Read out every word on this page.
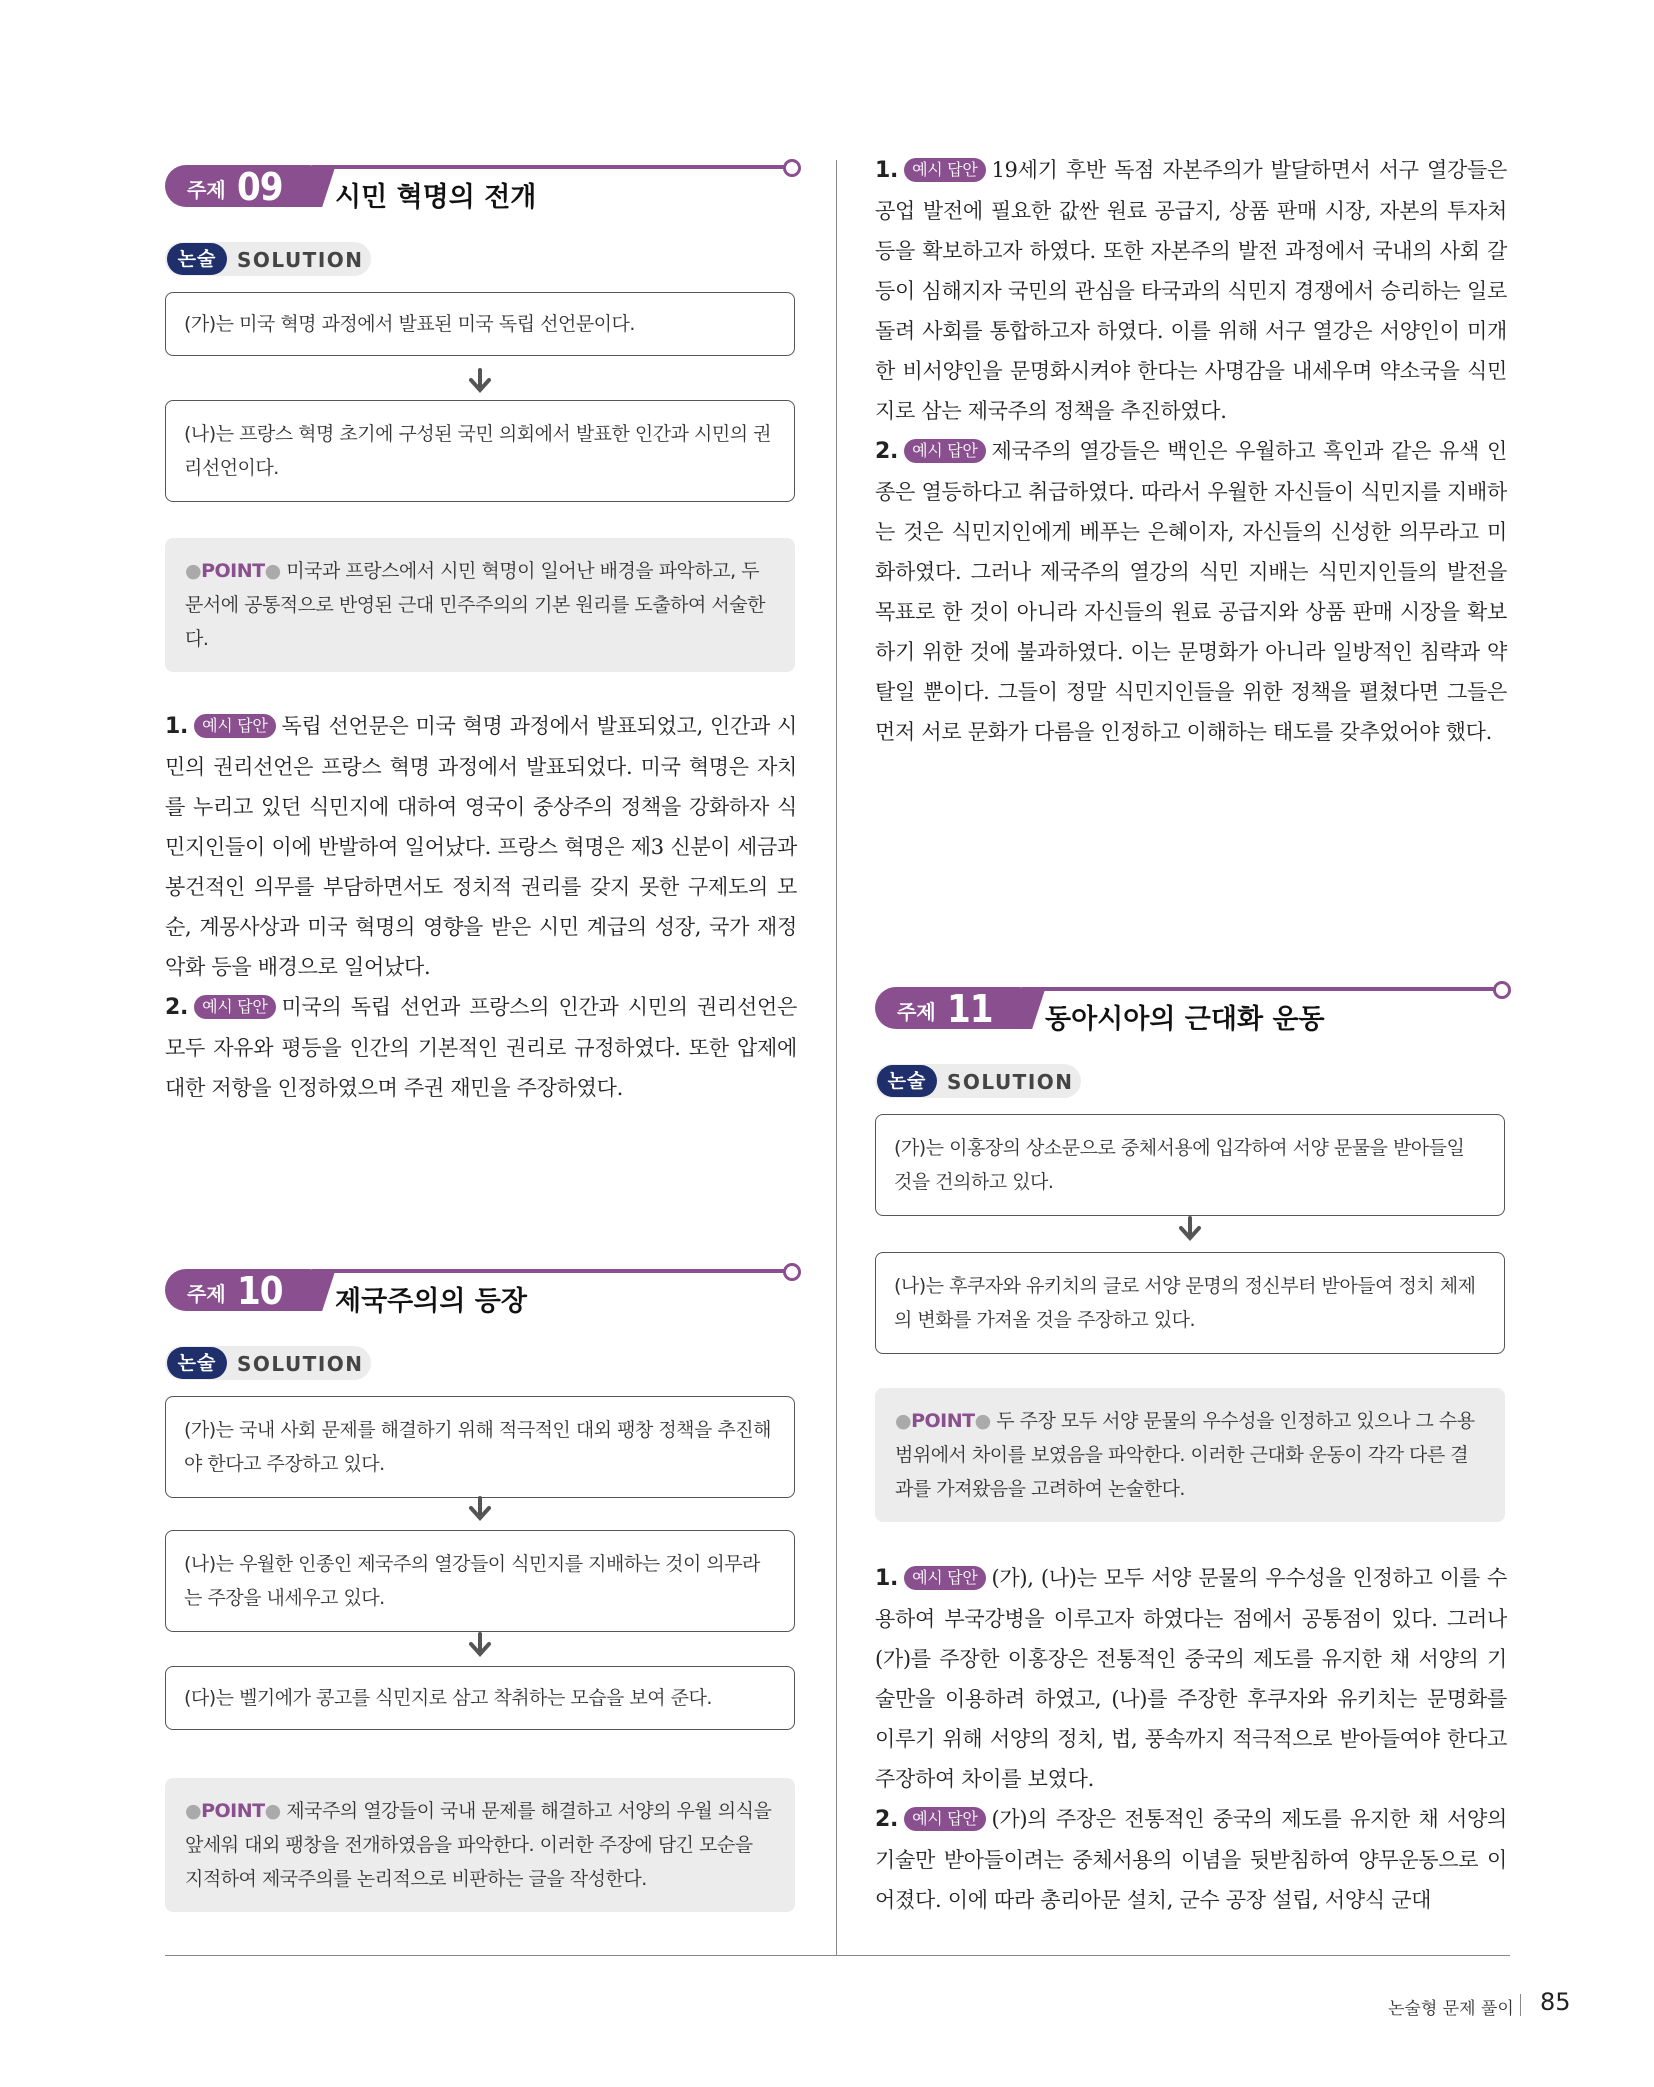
주제 09 시민 혁명의 전개
논술	SOLUTION
(가)는 미국 혁명 과정에서 발표된 미국 독립 선언문이다.
(나)는 프랑스 혁명 초기에 구성된 국민 의회에서 발표한 인간과 시민의 권리선언이다.
●POINT● 미국과 프랑스에서 시민 혁명이 일어난 배경을 파악하고, 두 문서에 공통적으로 반영된 근대 민주주의의 기본 원리를 도출하여 서술한다.

1. 예시 답안 독립 선언문은 미국 혁명 과정에서 발표되었고, 인간과 시민의 권리선언은 프랑스 혁명 과정에서 발표되었다. 미국 혁명은 자치를 누리고 있던 식민지에 대하여 영국이 중상주의 정책을 강화하자 식민지인들이 이에 반발하여 일어났다. 프랑스 혁명은 제3 신분이 세금과 봉건적인 의무를 부담하면서도 정치적 권리를 갖지 못한 구제도의 모순, 계몽사상과 미국 혁명의 영향을 받은 시민 계급의 성장, 국가 재정 악화 등을 배경으로 일어났다.

2. 예시 답안 미국의 독립 선언과 프랑스의 인간과 시민의 권리선언은 모두 자유와 평등을 인간의 기본적인 권리로 규정하였다. 또한 압제에 대한 저항을 인정하였으며 주권 재민을 주장하였다.

주제 10 제국주의의 등장
논술	SOLUTION
(가)는 국내 사회 문제를 해결하기 위해 적극적인 대외 팽창 정책을 추진해야 한다고 주장하고 있다.
(나)는 우월한 인종인 제국주의 열강들이 식민지를 지배하는 것이 의무라는 주장을 내세우고 있다.
(다)는 벨기에가 콩고를 식민지로 삼고 착취하는 모습을 보여 준다.
●POINT● 제국주의 열강들이 국내 문제를 해결하고 서양의 우월 의식을 앞세워 대외 팽창을 전개하였음을 파악한다. 이러한 주장에 담긴 모순을 지적하여 제국주의를 논리적으로 비판하는 글을 작성한다.

1. 예시 답안 19세기 후반 독점 자본주의가 발달하면서 서구 열강들은 공업 발전에 필요한 값싼 원료 공급지, 상품 판매 시장, 자본의 투자처 등을 확보하고자 하였다. 또한 자본주의 발전 과정에서 국내의 사회 갈등이 심해지자 국민의 관심을 타국과의 식민지 경쟁에서 승리하는 일로 돌려 사회를 통합하고자 하였다. 이를 위해 서구 열강은 서양인이 미개한 비서양인을 문명화시켜야 한다는 사명감을 내세우며 약소국을 식민지로 삼는 제국주의 정책을 추진하였다.

2. 예시 답안 제국주의 열강들은 백인은 우월하고 흑인과 같은 유색 인종은 열등하다고 취급하였다. 따라서 우월한 자신들이 식민지를 지배하는 것은 식민지인에게 베푸는 은혜이자, 자신들의 신성한 의무라고 미화하였다. 그러나 제국주의 열강의 식민 지배는 식민지인들의 발전을 목표로 한 것이 아니라 자신들의 원료 공급지와 상품 판매 시장을 확보하기 위한 것에 불과하였다. 이는 문명화가 아니라 일방적인 침략과 약탈일 뿐이다. 그들이 정말 식민지인들을 위한 정책을 펼쳤다면 그들은 먼저 서로 문화가 다름을 인정하고 이해하는 태도를 갖추었어야 했다.

주제 11 동아시아의 근대화 운동
논술	SOLUTION
(가)는 이홍장의 상소문으로 중체서용에 입각하여 서양 문물을 받아들일 것을 건의하고 있다.
(나)는 후쿠자와 유키치의 글로 서양 문명의 정신부터 받아들여 정치 체제의 변화를 가져올 것을 주장하고 있다.
●POINT● 두 주장 모두 서양 문물의 우수성을 인정하고 있으나 그 수용 범위에서 차이를 보였음을 파악한다. 이러한 근대화 운동이 각각 다른 결과를 가져왔음을 고려하여 논술한다.

1. 예시 답안 (가), (나)는 모두 서양 문물의 우수성을 인정하고 이를 수용하여 부국강병을 이루고자 하였다는 점에서 공통점이 있다. 그러나 (가)를 주장한 이홍장은 전통적인 중국의 제도를 유지한 채 서양의 기술만을 이용하려 하였고, (나)를 주장한 후쿠자와 유키치는 문명화를 이루기 위해 서양의 정치, 법, 풍속까지 적극적으로 받아들여야 한다고 주장하여 차이를 보였다.

2. 예시 답안 (가)의 주장은 전통적인 중국의 제도를 유지한 채 서양의 기술만 받아들이려는 중체서용의 이념을 뒷받침하여 양무운동으로 이어졌다. 이에 따라 총리아문 설치, 군수 공장 설립, 서양식 군대

논술형 문제 풀이 85
